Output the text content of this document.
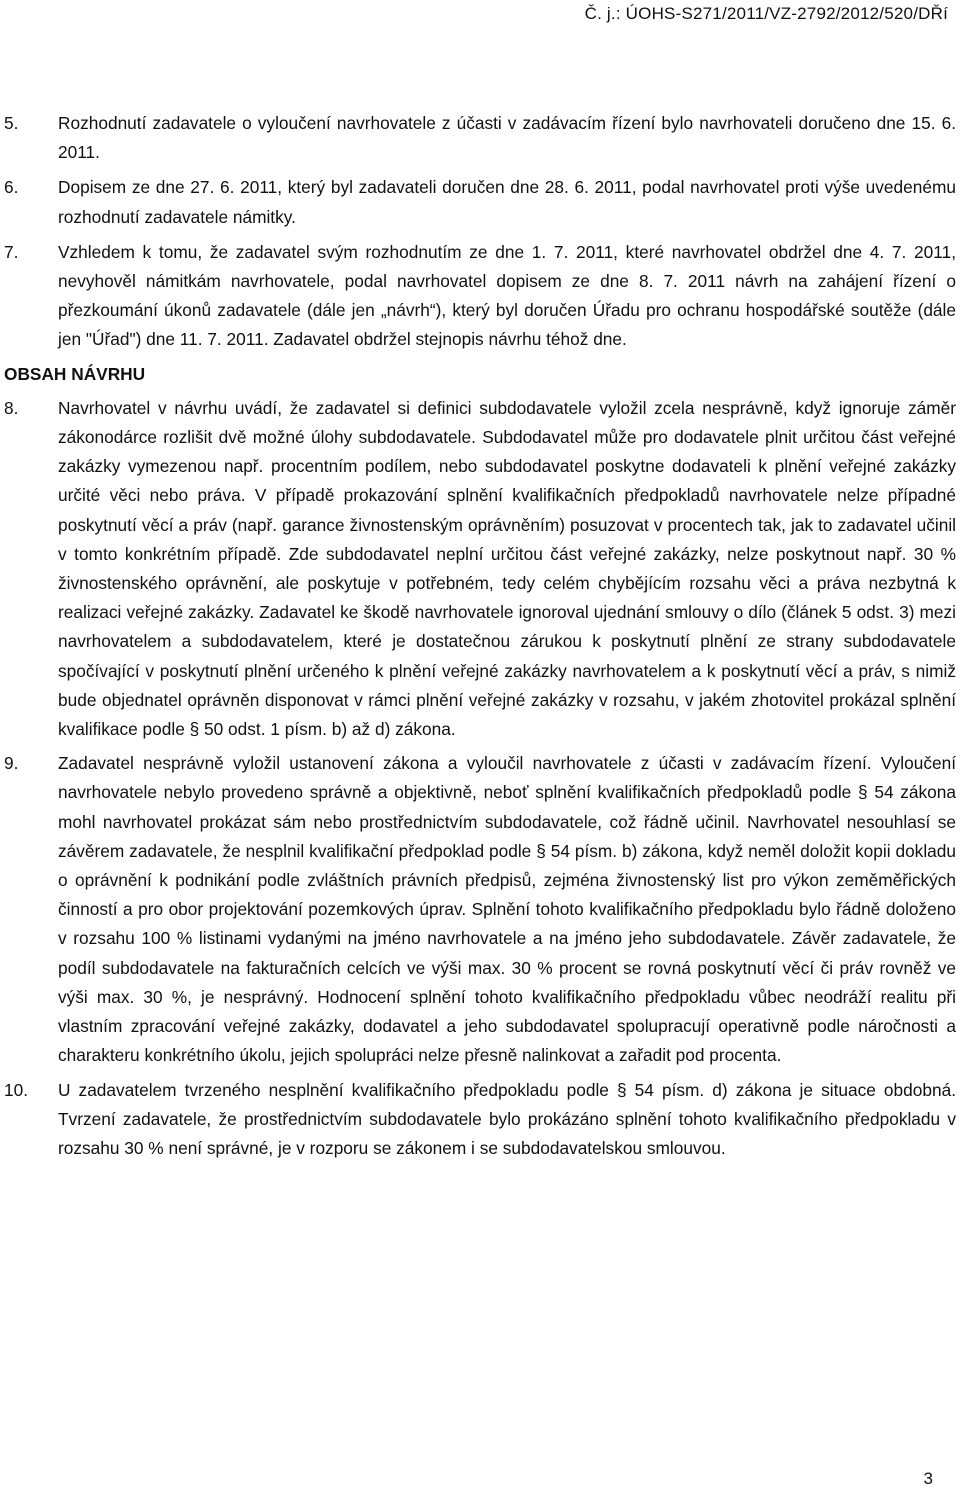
Č. j.: ÚOHS-S271/2011/VZ-2792/2012/520/DŘí
5.	Rozhodnutí zadavatele o vyloučení navrhovatele z účasti v zadávacím řízení bylo navrhovateli doručeno dne 15. 6. 2011.
6.	Dopisem ze dne 27. 6. 2011, který byl zadavateli doručen dne 28. 6. 2011, podal navrhovatel proti výše uvedenému rozhodnutí zadavatele námitky.
7.	Vzhledem k tomu, že zadavatel svým rozhodnutím ze dne 1. 7. 2011, které navrhovatel obdržel dne 4. 7. 2011, nevyhověl námitkám navrhovatele, podal navrhovatel dopisem ze dne 8. 7. 2011 návrh na zahájení řízení o přezkoumání úkonů zadavatele (dále jen „návrh“), který byl doručen Úřadu pro ochranu hospodářské soutěže (dále jen "Úřad") dne 11. 7. 2011. Zadavatel obdržel stejnopis návrhu téhož dne.
OBSAH NÁVRHU
8.	Navrhovatel v návrhu uvádí, že zadavatel si definici subdodavatele vyložil zcela nesprávně, když ignoruje záměr zákonodárce rozlišit dvě možné úlohy subdodavatele. Subdodavatel může pro dodavatele plnit určitou část veřejné zakázky vymezenou např. procentním podílem, nebo subdodavatel poskytne dodavateli k plnění veřejné zakázky určité věci nebo práva. V případě prokazování splnění kvalifikačních předpokladů navrhovatele nelze případné poskytnutí věcí a práv (např. garance živnostenským oprávněním) posuzovat v procentech tak, jak to zadavatel učinil v tomto konkrétním případě. Zde subdodavatel neplní určitou část veřejné zakázky, nelze poskytnout např. 30 % živnostenského oprávnění, ale poskytuje v potřebném, tedy celém chybějícím rozsahu věci a práva nezbytná k realizaci veřejné zakázky. Zadavatel ke škodě navrhovatele ignoroval ujednání smlouvy o dílo (článek 5 odst. 3) mezi navrhovatelem a subdodavatelem, které je dostatečnou zárukou k poskytnutí plnění ze strany subdodavatele spočívající v poskytnutí plnění určeného k plnění veřejné zakázky navrhovatelem a k poskytnutí věcí a práv, s nimiž bude objednatel oprávněn disponovat v rámci plnění veřejné zakázky v rozsahu, v jakém zhotovitel prokázal splnění kvalifikace podle § 50 odst. 1 písm. b) až d) zákona.
9.	Zadavatel nesprávně vyložil ustanovení zákona a vyloučil navrhovatele z účasti v zadávacím řízení. Vyloučení navrhovatele nebylo provedeno správně a objektivně, neboť splnění kvalifikačních předpokladů podle § 54 zákona mohl navrhovatel prokázat sám nebo prostřednictvím subdodavatele, což řádně učinil. Navrhovatel nesouhlasí se závěrem zadavatele, že nesplnil kvalifikační předpoklad podle § 54 písm. b) zákona, když neměl doložit kopii dokladu o oprávnění k podnikání podle zvláštních právních předpisů, zejména živnostenský list pro výkon zeměměřických činností a pro obor projektování pozemkových úprav. Splnění tohoto kvalifikačního předpokladu bylo řádně doloženo v rozsahu 100 % listinami vydanými na jméno navrhovatele a na jméno jeho subdodavatele. Závěr zadavatele, že podíl subdodavatele na fakturačních celcích ve výši max. 30 % procent se rovná poskytnutí věcí či práv rovněž ve výši max. 30 %, je nesprávný. Hodnocení splnění tohoto kvalifikačního předpokladu vůbec neodráží realitu při vlastním zpracování veřejné zakázky, dodavatel a jeho subdodavatel spolupracují operativně podle náročnosti a charakteru konkrétního úkolu, jejich spolupráci nelze přesně nalinkovat a zařadit pod procenta.
10.	U zadavatelem tvrzeného nesplnění kvalifikačního předpokladu podle § 54 písm. d) zákona je situace obdobná. Tvrzení zadavatele, že prostřednictvím subdodavatele bylo prokázáno splnění tohoto kvalifikačního předpokladu v rozsahu 30 % není správné, je v rozporu se zákonem i se subdodavatelskou smlouvou.
3
